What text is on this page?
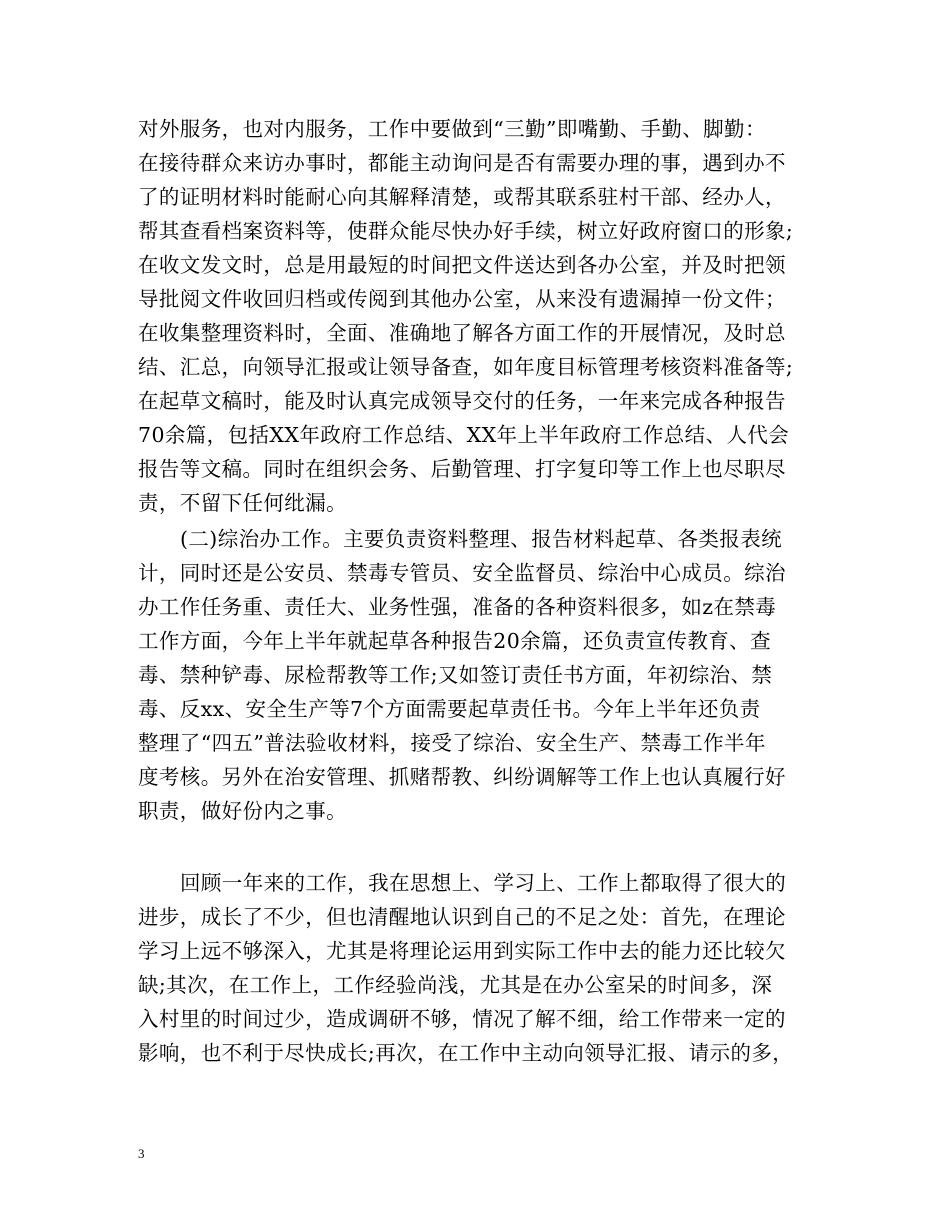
对外服务，也对内服务，工作中要做到“三勤”即嘴勤、手勤、脚勤：
在接待群众来访办事时，都能主动询问是否有需要办理的事，遇到办不
了的证明材料时能耐心向其解释清楚，或帮其联系驻村干部、经办人，
帮其查看档案资料等，使群众能尽快办好手续，树立好政府窗口的形象;
在收文发文时，总是用最短的时间把文件送达到各办公室，并及时把领
导批阅文件收回归档或传阅到其他办公室，从来没有遗漏掉一份文件；
在收集整理资料时，全面、准确地了解各方面工作的开展情况，及时总
结、汇总，向领导汇报或让领导备查，如年度目标管理考核资料准备等;
在起草文稿时，能及时认真完成领导交付的任务，一年来完成各种报告
70余篇，包括XX年政府工作总结、XX年上半年政府工作总结、人代会
报告等文稿。同时在组织会务、后勤管理、打字复印等工作上也尽职尽
责，不留下任何纰漏。
(二)综治办工作。主要负责资料整理、报告材料起草、各类报表统
计，同时还是公安员、禁毒专管员、安全监督员、综治中心成员。综治
办工作任务重、责任大、业务性强，准备的各种资料很多，如z在禁毒
工作方面，今年上半年就起草各种报告20余篇，还负责宣传教育、查
毒、禁种铲毒、尿检帮教等工作;又如签订责任书方面，年初综治、禁
毒、反xx、安全生产等7个方面需要起草责任书。今年上半年还负责
整理了“四五”普法验收材料，接受了综治、安全生产、禁毒工作半年
度考核。另外在治安管理、抓赌帮教、纠纷调解等工作上也认真履行好
职责，做好份内之事。
回顾一年来的工作，我在思想上、学习上、工作上都取得了很大的
进步，成长了不少，但也清醒地认识到自己的不足之处：首先，在理论
学习上远不够深入，尤其是将理论运用到实际工作中去的能力还比较欠
缺;其次，在工作上，工作经验尚浅，尤其是在办公室呆的时间多，深
入村里的时间过少，造成调研不够，情况了解不细，给工作带来一定的
影响，也不利于尽快成长;再次，在工作中主动向领导汇报、请示的多，
3
